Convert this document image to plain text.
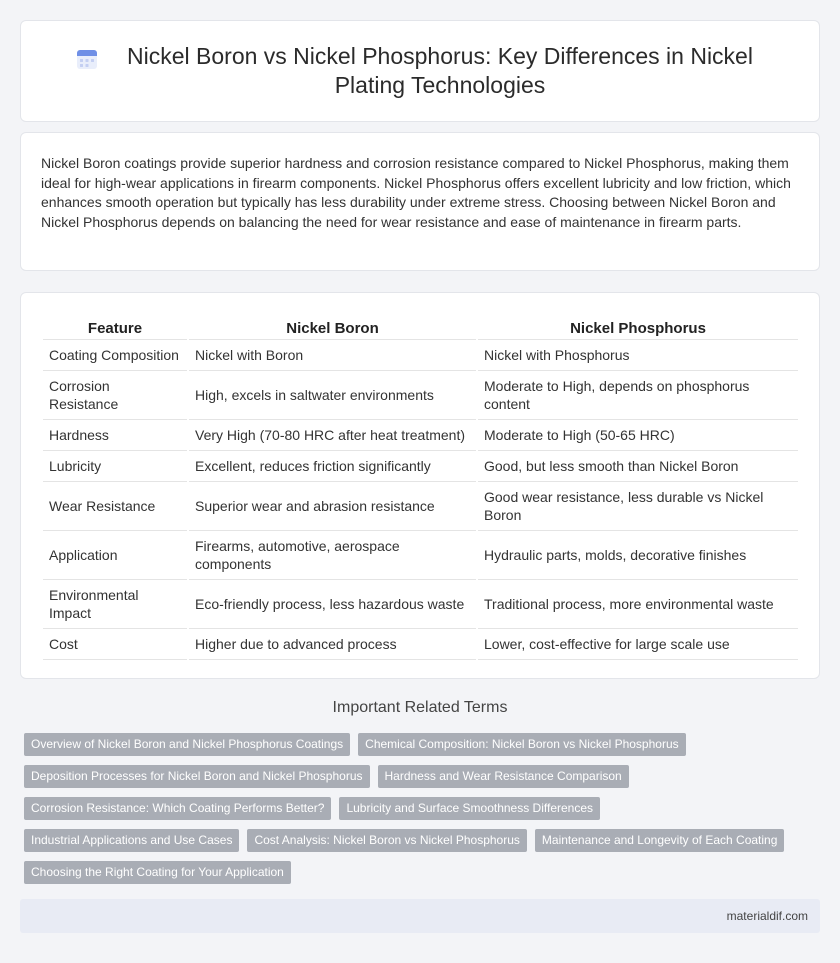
Nickel Boron vs Nickel Phosphorus: Key Differences in Nickel Plating Technologies

Nickel Boron coatings provide superior hardness and corrosion resistance compared to Nickel Phosphorus, making them ideal for high-wear applications in firearm components. Nickel Phosphorus offers excellent lubricity and low friction, which enhances smooth operation but typically has less durability under extreme stress. Choosing between Nickel Boron and Nickel Phosphorus depends on balancing the need for wear resistance and ease of maintenance in firearm parts.

Feature	Nickel Boron	Nickel Phosphorus
Coating Composition	Nickel with Boron	Nickel with Phosphorus
Corrosion Resistance	High, excels in saltwater environments	Moderate to High, depends on phosphorus content
Hardness	Very High (70-80 HRC after heat treatment)	Moderate to High (50-65 HRC)
Lubricity	Excellent, reduces friction significantly	Good, but less smooth than Nickel Boron
Wear Resistance	Superior wear and abrasion resistance	Good wear resistance, less durable vs Nickel Boron
Application	Firearms, automotive, aerospace components	Hydraulic parts, molds, decorative finishes
Environmental Impact	Eco-friendly process, less hazardous waste	Traditional process, more environmental waste
Cost	Higher due to advanced process	Lower, cost-effective for large scale use
Important Related Terms
Overview of Nickel Boron and Nickel Phosphorus Coatings	Chemical Composition: Nickel Boron vs Nickel Phosphorus
Deposition Processes for Nickel Boron and Nickel Phosphorus	Hardness and Wear Resistance Comparison
Corrosion Resistance: Which Coating Performs Better?	Lubricity and Surface Smoothness Differences
Industrial Applications and Use Cases	Cost Analysis: Nickel Boron vs Nickel Phosphorus	Maintenance and Longevity of Each Coating
Choosing the Right Coating for Your Application
materialdif.com
